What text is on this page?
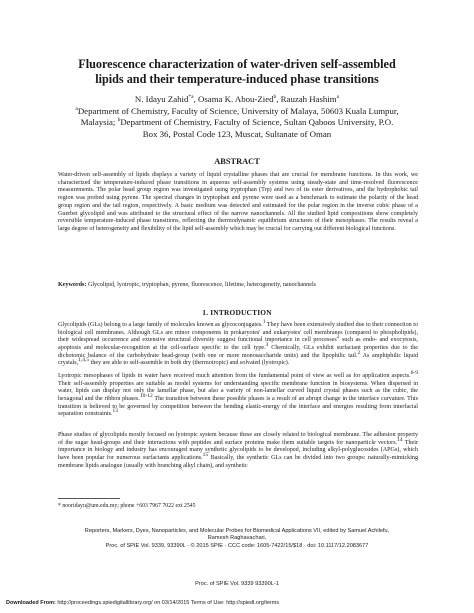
Fluorescence characterization of water-driven self-assembled
lipids and their temperature-induced phase transitions
N. Idayu Zahid$^{*a}$, Osama K. Abou-Zied$^b$, Rauzah Hashim$^a$
$^a$Department of Chemistry, Faculty of Science, University of Malaya, 50603 Kuala Lumpur,
Malaysia; $^b$Department of Chemistry, Faculty of Science, Sultan Qaboos University, P.O.
Box 36, Postal Code 123, Muscat, Sultanate of Oman
ABSTRACT

Water-driven self-assembly of lipids displays a variety of liquid crystalline phases that are crucial for membrane functions. In this work, we characterized the temperature-induced phase transitions in aqueous self-assembly systems using steady-state and time-resolved fluorescence measurements. The polar head group region was investigated using tryptophan (Trp) and two of its ester derivatives, and the hydrophobic tail region was probed using pyrene. The spectral changes in tryptophan and pyrene were used as a benchmark to estimate the polarity of the head group region and the tail region, respectively. A basic medium was detected and estimated for the polar region in the inverse cubic phase of a Guerbet glycolipid and was attributed to the structural effect of the narrow nanochannels. All the studied lipid compositions show completely reversible temperature-induced phase transitions, reflecting the thermodynamic equilibrium structures of their mesophases. The results reveal a large degree of heterogeneity and flexibility of the lipid self-assembly which may be crucial for carrying out different biological functions.

Keywords: Glycolipid, lyotropic, tryptophan, pyrene, fluorescence, lifetime, heterogeneity, nanochannels

1. INTRODUCTION

Glycolipids (GLs) belong to a large family of molecules known as glycoconjugates.$^1$ They have been extensively studied due to their connection to biological cell membranes. Although GLs are minor components in prokaryotes' and eukaryotes' cell membranes (compared to phospholipids), their widespread occurrence and extensive structural diversity suggest functional importance in cell processes$^2$ such as endo- and exocytosis, apoptosis and molecular-recognition at the cell-surface specific to the cell type.$^3$ Chemically, GLs exhibit surfactant properties due to the dichotomic balance of the carbohydrate head-group (with one or more monosaccharide units) and the lipophilic tail.$^2$ As amphiphilic liquid crystals,$^{1,4,5}$ they are able to self-assemble in both dry (thermotropic) and solvated (lyotropic).

Lyotropic mesophases of lipids in water have received much attention from the fundamental point of view as well as for application aspects.$^{6-9}$ Their self-assembly properties are suitable as model systems for understanding specific membrane function in biosystems. When dispersed in water, lipids can display not only the lamellar phase, but also a variety of non-lamellar curved liquid crystal phases such as the cubic, the hexagonal and the ribbon phases.$^{10-12}$ The transition between these possible phases is a result of an abrupt change in the interface curvature. This transition is believed to be governed by competition between the bending elastic-energy of the interface and energies resulting from interfacial separation constraints.$^{13}$

Phase studies of glycolipids mostly focused on lyotropic system because these are closely related to biological membrane. The adhesion property of the sugar head-groups and their interactions with peptides and surface proteins make them suitable targets for nanoparticle vectors.$^{14}$ Their importance in biology and industry has encouraged many synthetic glycolipids to be developed, including alkyl-polyglucosides (APGs), which have been popular for numerous surfactants applications.$^{15}$ Basically, the synthetic GLs can be divided into two groups: naturally-mimicking membrane lipids analogue (usually with branching alkyl chain), and synthetic

* nooridayu@um.edu.my; phone +603 7967 7022 ext 2545

Reporters, Markers, Dyes, Nanoparticles, and Molecular Probes for Biomedical Applications VII, edited by Samuel Achilefu,
Ramesh Raghavachari,
Proc. of SPIE Vol. 9339, 93390L · © 2015 SPIE · CCC code: 1605-7422/15/$18 · doi: 10.1117/12.2083677
Proc. of SPIE Vol. 9339 93390L-1
Downloaded From: http://proceedings.spiedigitallibrary.org/ on 03/14/2015 Terms of Use: http://spiedl.org/terms
